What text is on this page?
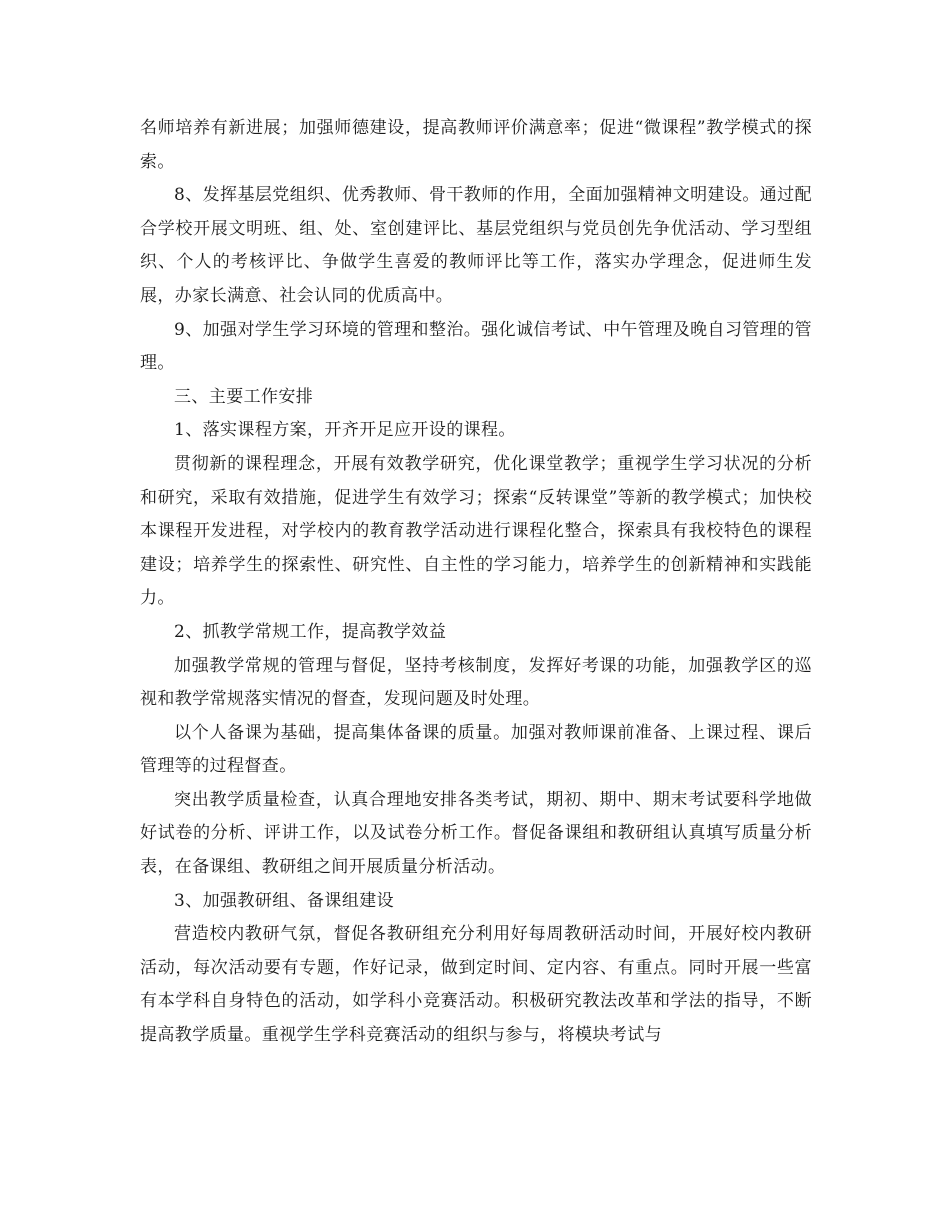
名师培养有新进展；加强师德建设，提高教师评价满意率；促进“微课程”教学模式的探索。

8、发挥基层党组织、优秀教师、骨干教师的作用，全面加强精神文明建设。通过配合学校开展文明班、组、处、室创建评比、基层党组织与党员创先争优活动、学习型组织、个人的考核评比、争做学生喜爱的教师评比等工作，落实办学理念，促进师生发展，办家长满意、社会认同的优质高中。

9、加强对学生学习环境的管理和整治。强化诚信考试、中午管理及晚自习管理的管理。

三、主要工作安排

1、落实课程方案，开齐开足应开设的课程。

贯彻新的课程理念，开展有效教学研究，优化课堂教学；重视学生学习状况的分析和研究，采取有效措施，促进学生有效学习；探索“反转课堂”等新的教学模式；加快校本课程开发进程，对学校内的教育教学活动进行课程化整合，探索具有我校特色的课程建设；培养学生的探索性、研究性、自主性的学习能力，培养学生的创新精神和实践能力。

2、抓教学常规工作，提高教学效益

加强教学常规的管理与督促，坚持考核制度，发挥好考课的功能，加强教学区的巡视和教学常规落实情况的督查，发现问题及时处理。

以个人备课为基础，提高集体备课的质量。加强对教师课前准备、上课过程、课后管理等的过程督查。

突出教学质量检查，认真合理地安排各类考试，期初、期中、期末考试要科学地做好试卷的分析、评讲工作，以及试卷分析工作。督促备课组和教研组认真填写质量分析表，在备课组、教研组之间开展质量分析活动。

3、加强教研组、备课组建设

营造校内教研气氛，督促各教研组充分利用好每周教研活动时间，开展好校内教研活动，每次活动要有专题，作好记录，做到定时间、定内容、有重点。同时开展一些富有本学科自身特色的活动，如学科小竞赛活动。积极研究教法改革和学法的指导，不断提高教学质量。重视学生学科竞赛活动的组织与参与，将模块考试与
